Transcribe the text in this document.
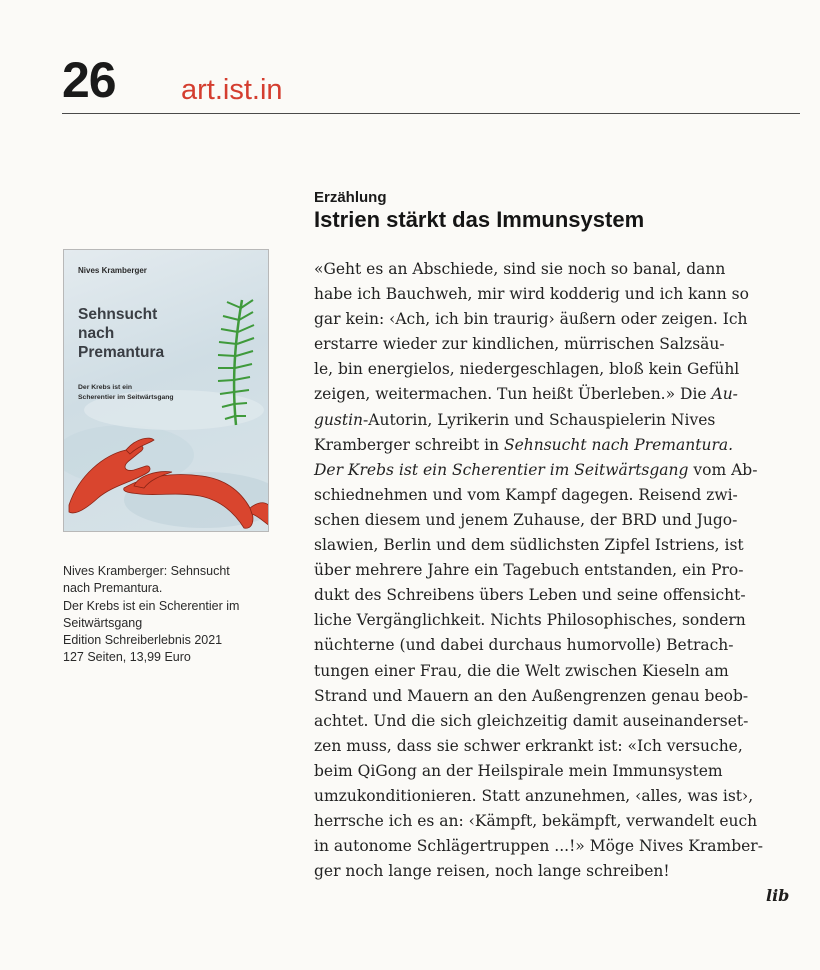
26 art.ist.in
Nives Kramberger
Sehnsucht
nach
Premantura
Der Krebs ist ein
Scherentier im Seitwärtsgang
Nives Kramberger: Sehnsucht
nach Premantura.
Der Krebs ist ein Scherentier im
Seitwärtsgang
Edition Schreiberlebnis 2021
127 Seiten, 13,99 Euro
Erzählung
Istrien stärkt das Immunsystem

«Geht es an Abschiede, sind sie noch so banal, dann

habe ich Bauchweh, mir wird kodderig und ich kann so

gar kein: ‹Ach, ich bin traurig› äußern oder zeigen. Ich

erstarre wieder zur kindlichen, mürrischen Salzsäu-

le, bin energielos, niedergeschlagen, bloß kein Gefühl

zeigen, weitermachen. Tun heißt Überleben.» Die Au-

gustin-Autorin, Lyrikerin und Schauspielerin Nives

Kramberger schreibt in Sehnsucht nach Premantura.

Der Krebs ist ein Scherentier im Seitwärtsgang vom Ab-

schiednehmen und vom Kampf dagegen. Reisend zwi-

schen diesem und jenem Zuhause, der BRD und Jugo-

slawien, Berlin und dem südlichsten Zipfel Istriens, ist

über mehrere Jahre ein Tagebuch entstanden, ein Pro-

dukt des Schreibens übers Leben und seine offensicht-

liche Vergänglichkeit. Nichts Philosophisches, sondern

nüchterne (und dabei durchaus humorvolle) Betrach-

tungen einer Frau, die die Welt zwischen Kieseln am

Strand und Mauern an den Außengrenzen genau beob-

achtet. Und die sich gleichzeitig damit auseinanderset-

zen muss, dass sie schwer erkrankt ist: «Ich versuche,

beim QiGong an der Heilspirale mein Immunsystem

umzukonditionieren. Statt anzunehmen, ‹alles, was ist›,

herrsche ich es an: ‹Kämpft, bekämpft, verwandelt euch

in autonome Schlägertruppen ...!» Möge Nives Kramber-

ger noch lange reisen, noch lange schreiben!

lib
